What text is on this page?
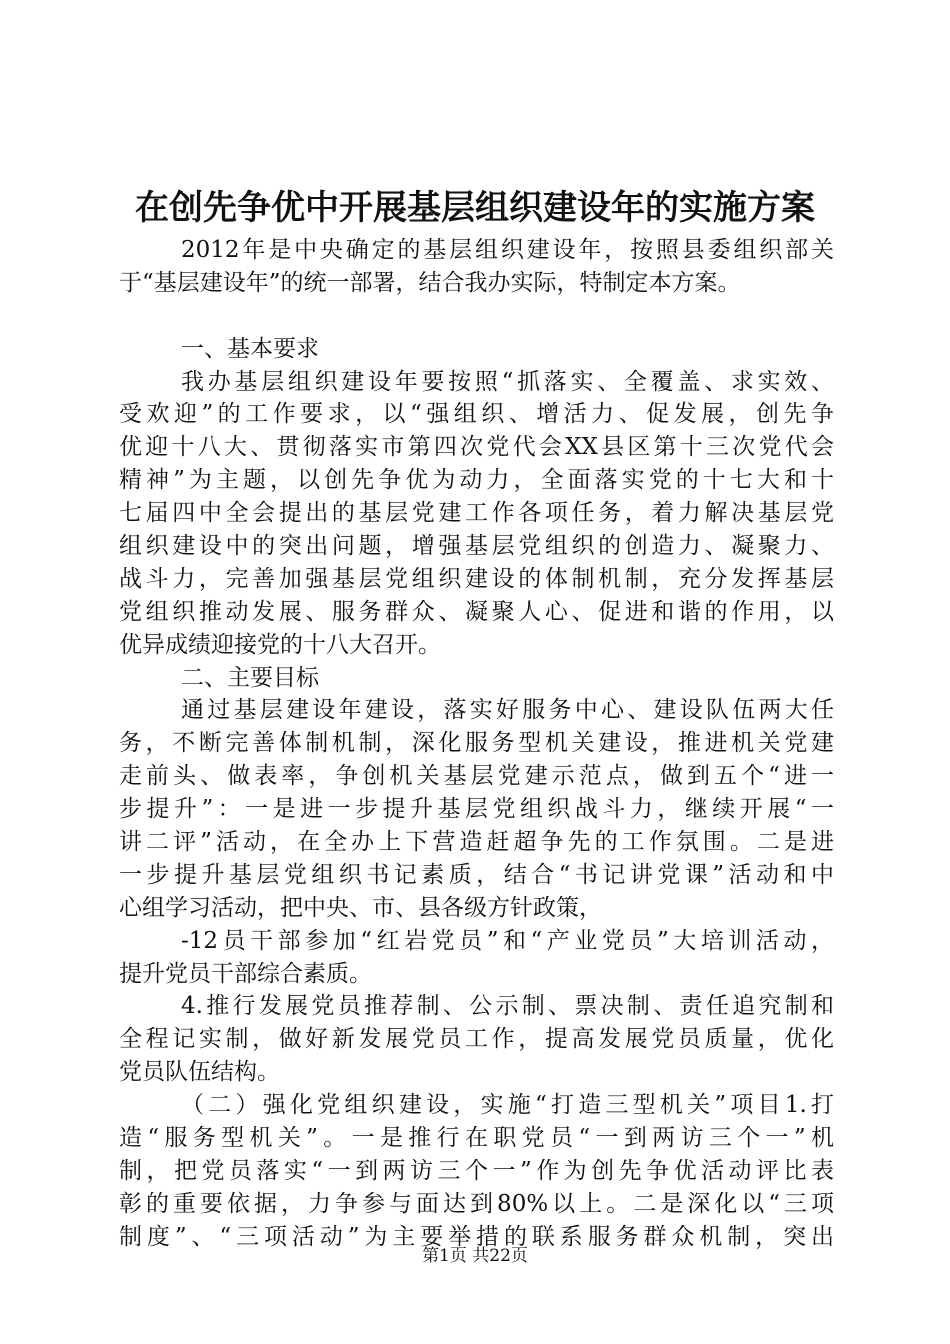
在创先争优中开展基层组织建设年的实施方案
2012年是中央确定的基层组织建设年，按照县委组织部关
于“基层建设年”的统一部署，结合我办实际，特制定本方案。
一、基本要求
我办基层组织建设年要按照“抓落实、全覆盖、求实效、
受欢迎”的工作要求，以“强组织、增活力、促发展，创先争
优迎十八大、贯彻落实市第四次党代会XX县区第十三次党代会
精神”为主题，以创先争优为动力，全面落实党的十七大和十
七届四中全会提出的基层党建工作各项任务，着力解决基层党
组织建设中的突出问题，增强基层党组织的创造力、凝聚力、
战斗力，完善加强基层党组织建设的体制机制，充分发挥基层
党组织推动发展、服务群众、凝聚人心、促进和谐的作用，以
优异成绩迎接党的十八大召开。
二、主要目标
通过基层建设年建设，落实好服务中心、建设队伍两大任
务，不断完善体制机制，深化服务型机关建设，推进机关党建
走前头、做表率，争创机关基层党建示范点，做到五个“进一
步提升”：一是进一步提升基层党组织战斗力，继续开展“一
讲二评”活动，在全办上下营造赶超争先的工作氛围。二是进
一步提升基层党组织书记素质，结合“书记讲党课”活动和中
心组学习活动，把中央、市、县各级方针政策，
-12员干部参加“红岩党员”和“产业党员”大培训活动，
提升党员干部综合素质。
4.推行发展党员推荐制、公示制、票决制、责任追究制和
全程记实制，做好新发展党员工作，提高发展党员质量，优化
党员队伍结构。
（二）强化党组织建设，实施“打造三型机关”项目1.打
造“服务型机关”。一是推行在职党员“一到两访三个一”机
制，把党员落实“一到两访三个一”作为创先争优活动评比表
彰的重要依据，力争参与面达到80%以上。二是深化以“三项
制度”、“三项活动”为主要举措的联系服务群众机制，突出
第1页 共22页
